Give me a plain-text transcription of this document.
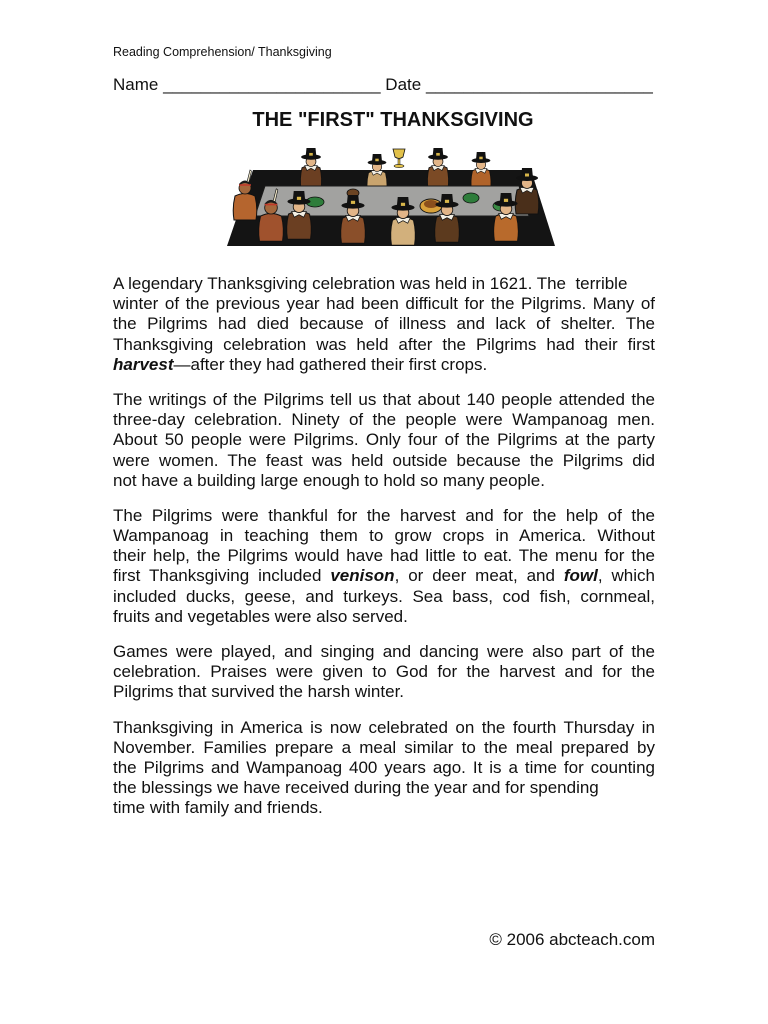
Reading Comprehension/ Thanksgiving
Name _______________________ Date ________________________
THE "FIRST" THANKSGIVING
A legendary Thanksgiving celebration was held in 1621. The  terrible
winter of the previous year had been difficult for the Pilgrims. Many of
the Pilgrims had died because of illness and lack of shelter. The
Thanksgiving celebration was held after the Pilgrims had their first
harvest—after they had gathered their first crops.
The writings of the Pilgrims tell us that about 140 people attended the
three-day celebration. Ninety of the people were Wampanoag men.
About 50 people were Pilgrims. Only four of the Pilgrims at the party
were women. The feast was held outside because the Pilgrims did
not have a building large enough to hold so many people.
The Pilgrims were thankful for the harvest and for the help of the
Wampanoag in teaching them to grow crops in America. Without
their help, the Pilgrims would have had little to eat. The menu for the
first Thanksgiving included venison, or deer meat, and fowl, which
included ducks, geese, and turkeys. Sea bass, cod fish, cornmeal,
fruits and vegetables were also served.
Games were played, and singing and dancing were also part of the
celebration. Praises were given to God for the harvest and for the
Pilgrims that survived the harsh winter.
Thanksgiving in America is now celebrated on the fourth Thursday in
November. Families prepare a meal similar to the meal prepared by
the Pilgrims and Wampanoag 400 years ago. It is a time for counting
the blessings we have received during the year and for spending
time with family and friends.
© 2006 abcteach.com
